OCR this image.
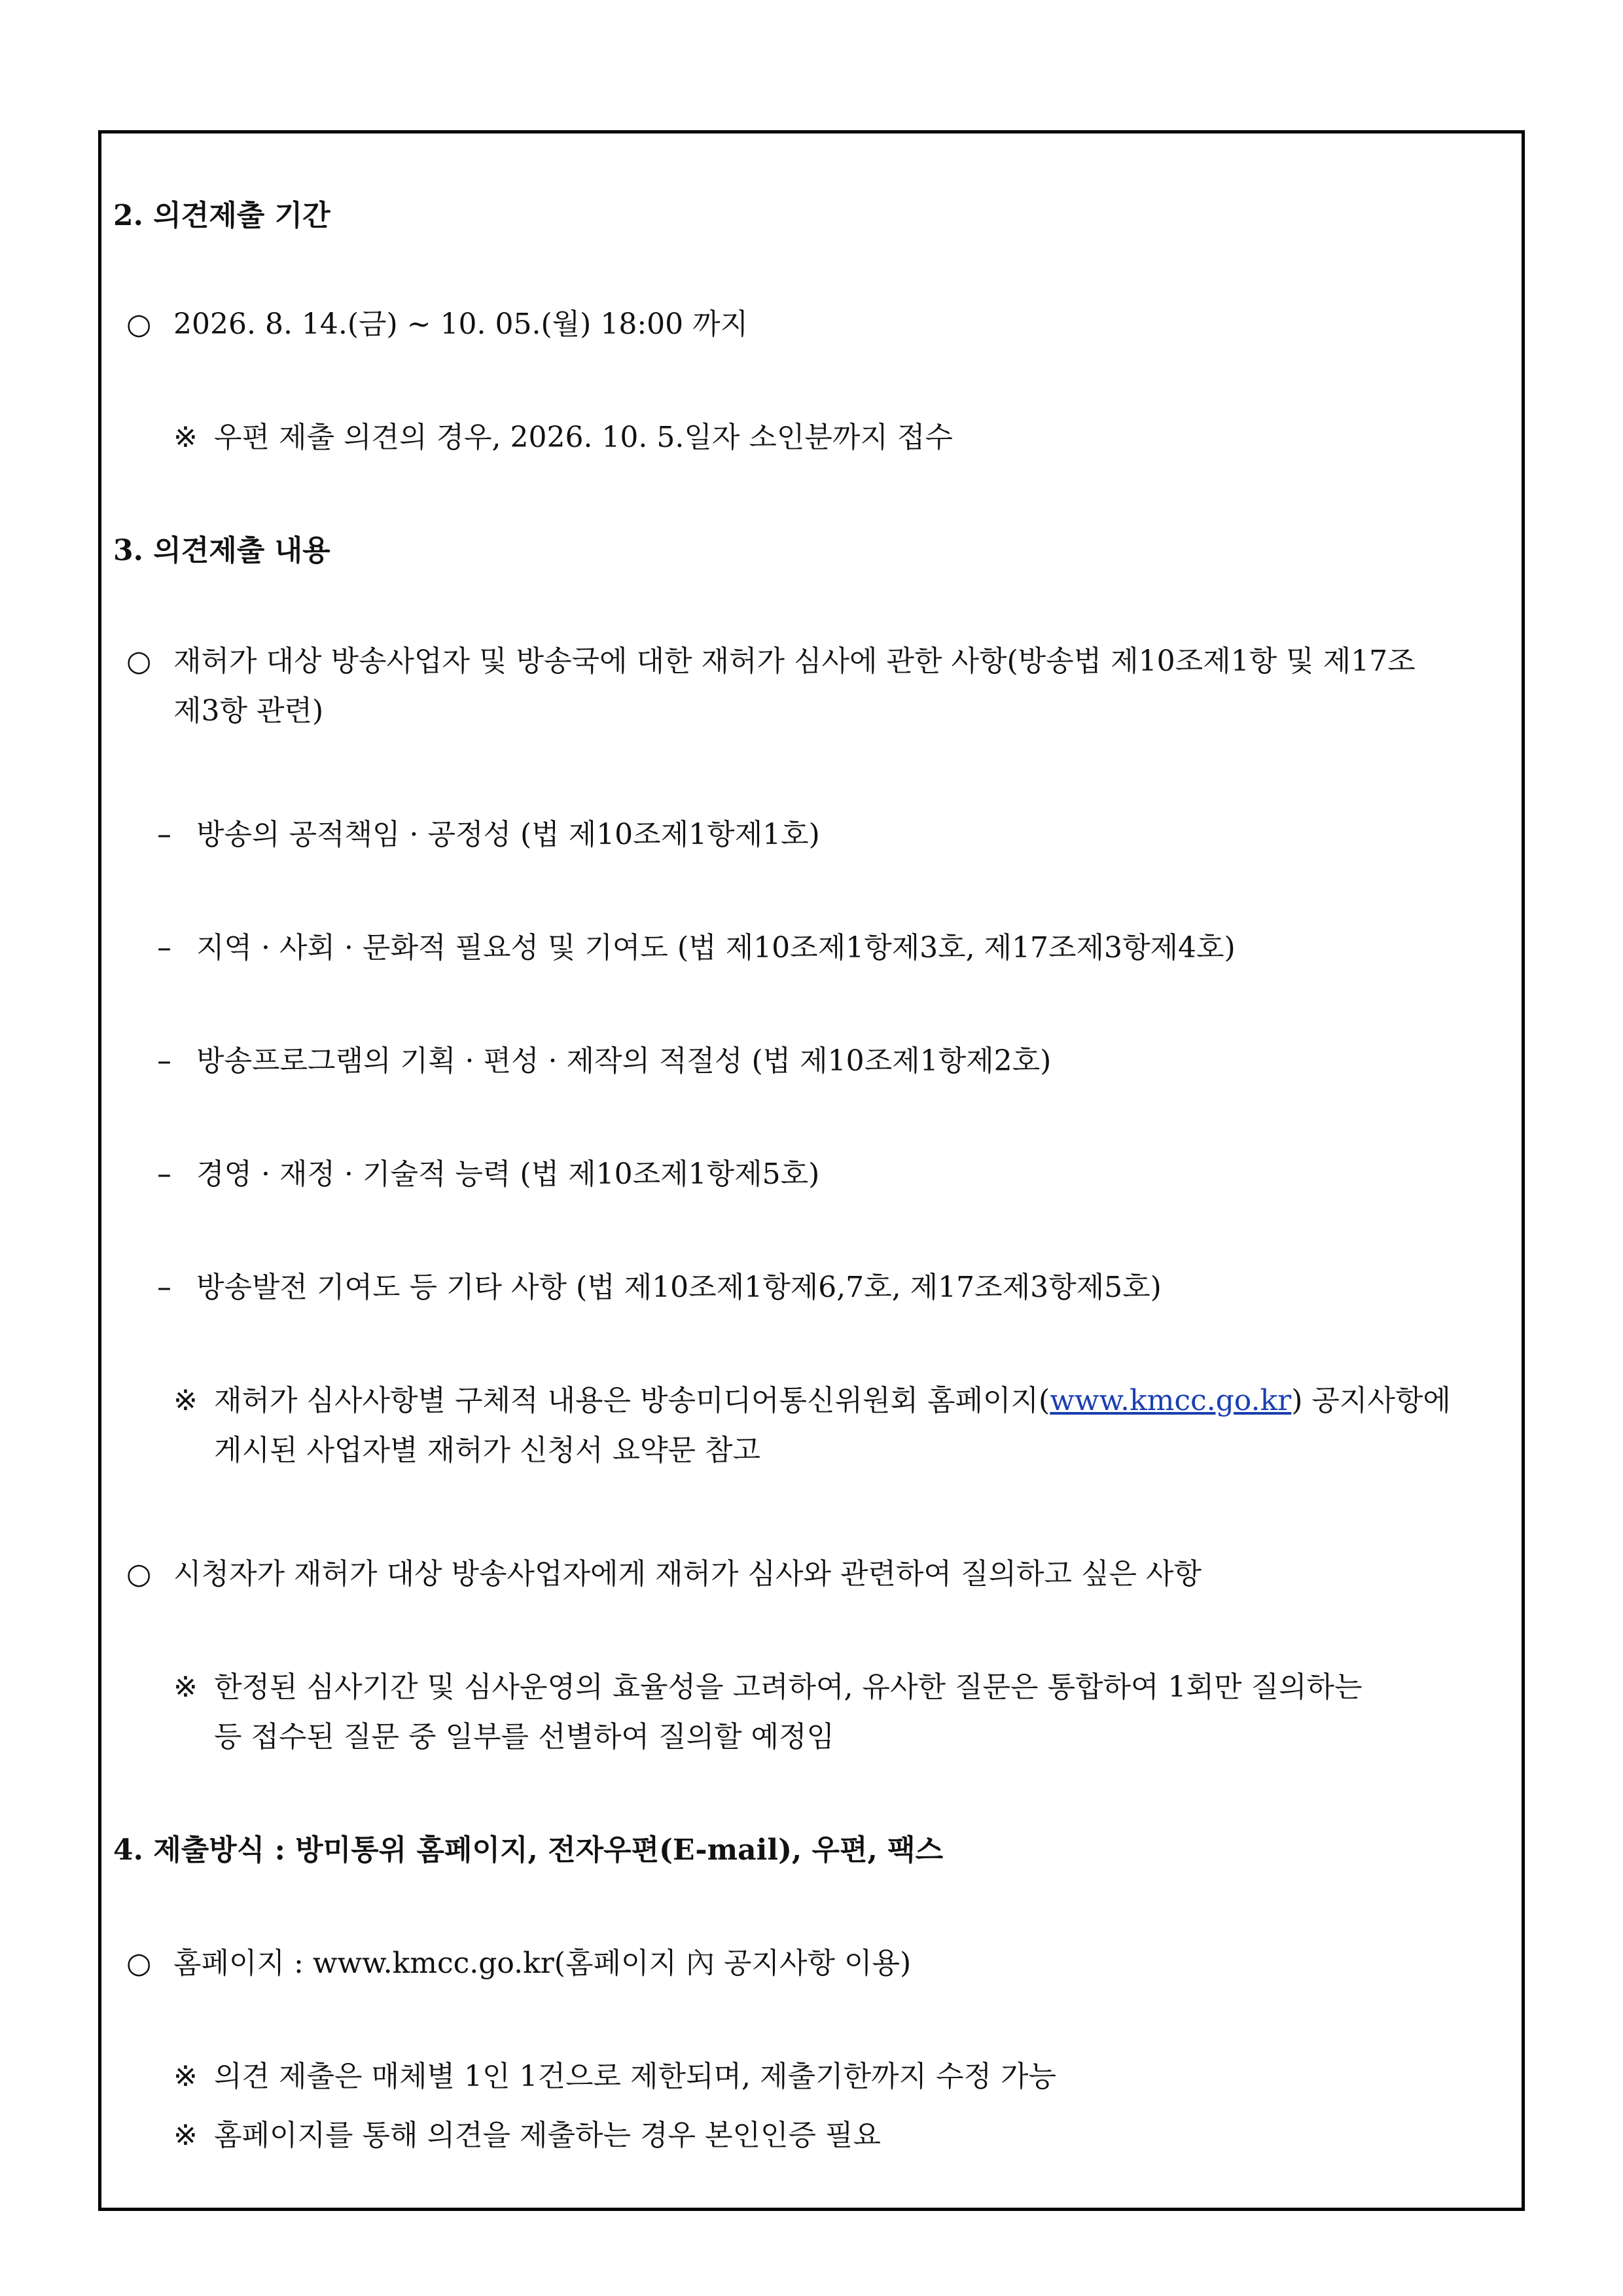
2. 의견제출 기간
○ 2026. 8. 14.(금) ~ 10. 05.(월) 18:00 까지
※ 우편 제출 의견의 경우, 2026. 10. 5.일자 소인분까지 접수
3. 의견제출 내용
○ 재허가 대상 방송사업자 및 방송국에 대한 재허가 심사에 관한 사항(방송법 제10조제1항 및 제17조
제3항 관련)
– 방송의 공적책임 · 공정성 (법 제10조제1항제1호)
– 지역 · 사회 · 문화적 필요성 및 기여도 (법 제10조제1항제3호, 제17조제3항제4호)
– 방송프로그램의 기획 · 편성 · 제작의 적절성 (법 제10조제1항제2호)
– 경영 · 재정 · 기술적 능력 (법 제10조제1항제5호)
– 방송발전 기여도 등 기타 사항 (법 제10조제1항제6,7호, 제17조제3항제5호)
※ 재허가 심사사항별 구체적 내용은 방송미디어통신위원회 홈페이지(www.kmcc.go.kr) 공지사항에
게시된 사업자별 재허가 신청서 요약문 참고
○ 시청자가 재허가 대상 방송사업자에게 재허가 심사와 관련하여 질의하고 싶은 사항
※ 한정된 심사기간 및 심사운영의 효율성을 고려하여, 유사한 질문은 통합하여 1회만 질의하는
등 접수된 질문 중 일부를 선별하여 질의할 예정임
4. 제출방식 : 방미통위 홈페이지, 전자우편(E-mail), 우편, 팩스
○ 홈페이지 : www.kmcc.go.kr(홈페이지 內 공지사항 이용)
※ 의견 제출은 매체별 1인 1건으로 제한되며, 제출기한까지 수정 가능
※ 홈페이지를 통해 의견을 제출하는 경우 본인인증 필요
